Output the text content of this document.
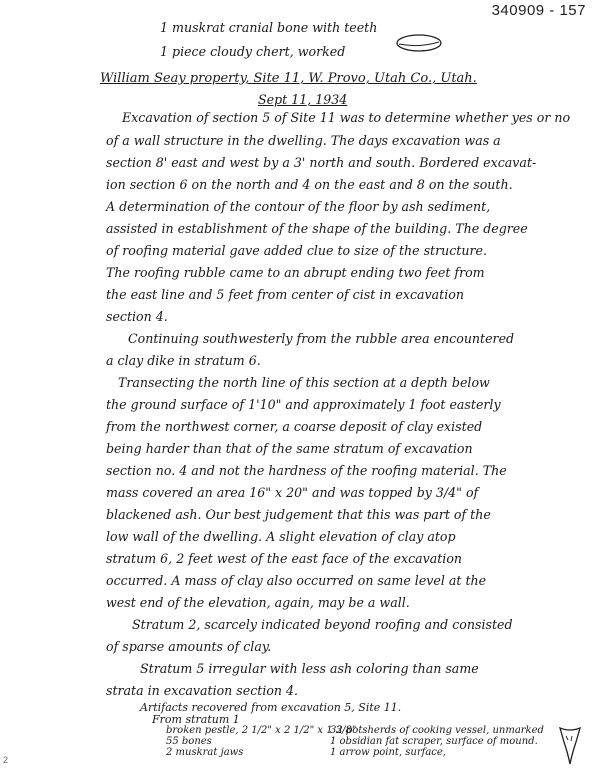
340909 - 157
1 muskrat cranial bone with teeth
1 piece cloudy chert, worked
William Seay property, Site 11, W. Provo, Utah Co., Utah.
Sept 11, 1934
Excavation of section 5 of Site 11 was to determine whether yes or no
of a wall structure in the dwelling. The days excavation was a
section 8' east and west by a 3' north and south. Bordered excavat-
ion section 6 on the north and 4 on the east and 8 on the south.
A determination of the contour of the floor by ash sediment,
assisted in establishment of the shape of the building. The degree
of roofing material gave added clue to size of the structure.
The roofing rubble came to an abrupt ending two feet from
the east line and 5 feet from center of cist in excavation
section 4.
Continuing southwesterly from the rubble area encountered
a clay dike in stratum 6.
Transecting the north line of this section at a depth below
the ground surface of 1'10" and approximately 1 foot easterly
from the northwest corner, a coarse deposit of clay existed
being harder than that of the same stratum of excavation
section no. 4 and not the hardness of the roofing material. The
mass covered an area 16" x 20" and was topped by 3/4" of
blackened ash. Our best judgement that this was part of the
low wall of the dwelling. A slight elevation of clay atop
stratum 6, 2 feet west of the east face of the excavation
occurred. A mass of clay also occurred on same level at the
west end of the elevation, again, may be a wall.
Stratum 2, scarcely indicated beyond roofing and consisted
of sparse amounts of clay.
Stratum 5 irregular with less ash coloring than same
strata in excavation section 4.
Artifacts recovered from excavation 5, Site 11.
From stratum 1
broken pestle, 2 1/2" x 2 1/2" x 1 3/8"
55 bones
2 muskrat jaws
32 potsherds of cooking vessel, unmarked
1 obsidian fat scraper, surface of mound.
1 arrow point, surface,
2
